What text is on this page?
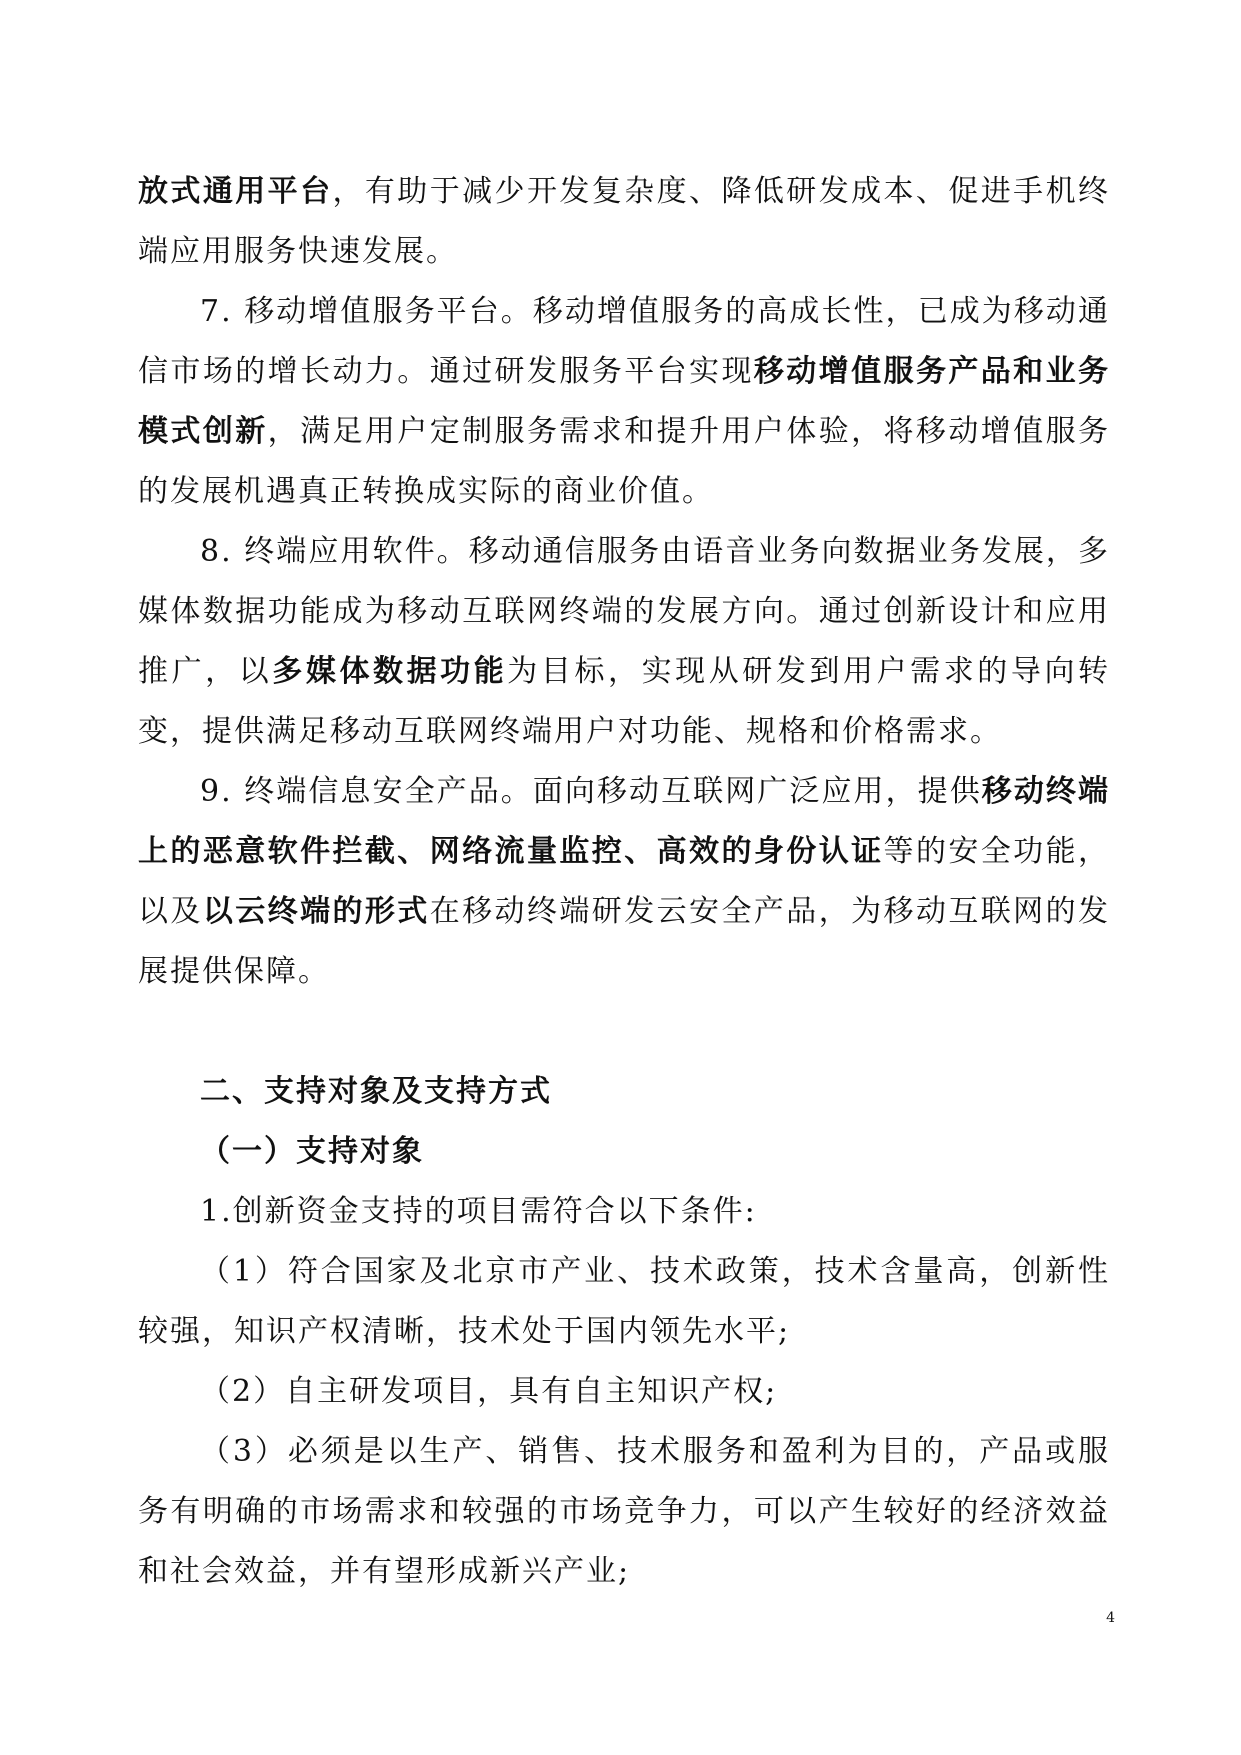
放式通用平台，有助于减少开发复杂度、降低研发成本、促进手机终端应用服务快速发展。

7. 移动增值服务平台。移动增值服务的高成长性，已成为移动通信市场的增长动力。通过研发服务平台实现移动增值服务产品和业务模式创新，满足用户定制服务需求和提升用户体验，将移动增值服务的发展机遇真正转换成实际的商业价值。

8. 终端应用软件。移动通信服务由语音业务向数据业务发展，多媒体数据功能成为移动互联网终端的发展方向。通过创新设计和应用推广，以多媒体数据功能为目标，实现从研发到用户需求的导向转变，提供满足移动互联网终端用户对功能、规格和价格需求。

9. 终端信息安全产品。面向移动互联网广泛应用，提供移动终端上的恶意软件拦截、网络流量监控、高效的身份认证等的安全功能，以及以云终端的形式在移动终端研发云安全产品，为移动互联网的发展提供保障。

二、支持对象及支持方式
（一）支持对象

1.创新资金支持的项目需符合以下条件:

（1）符合国家及北京市产业、技术政策，技术含量高，创新性较强，知识产权清晰，技术处于国内领先水平;

（2）自主研发项目，具有自主知识产权;

（3）必须是以生产、销售、技术服务和盈利为目的，产品或服务有明确的市场需求和较强的市场竞争力，可以产生较好的经济效益和社会效益，并有望形成新兴产业;

4
